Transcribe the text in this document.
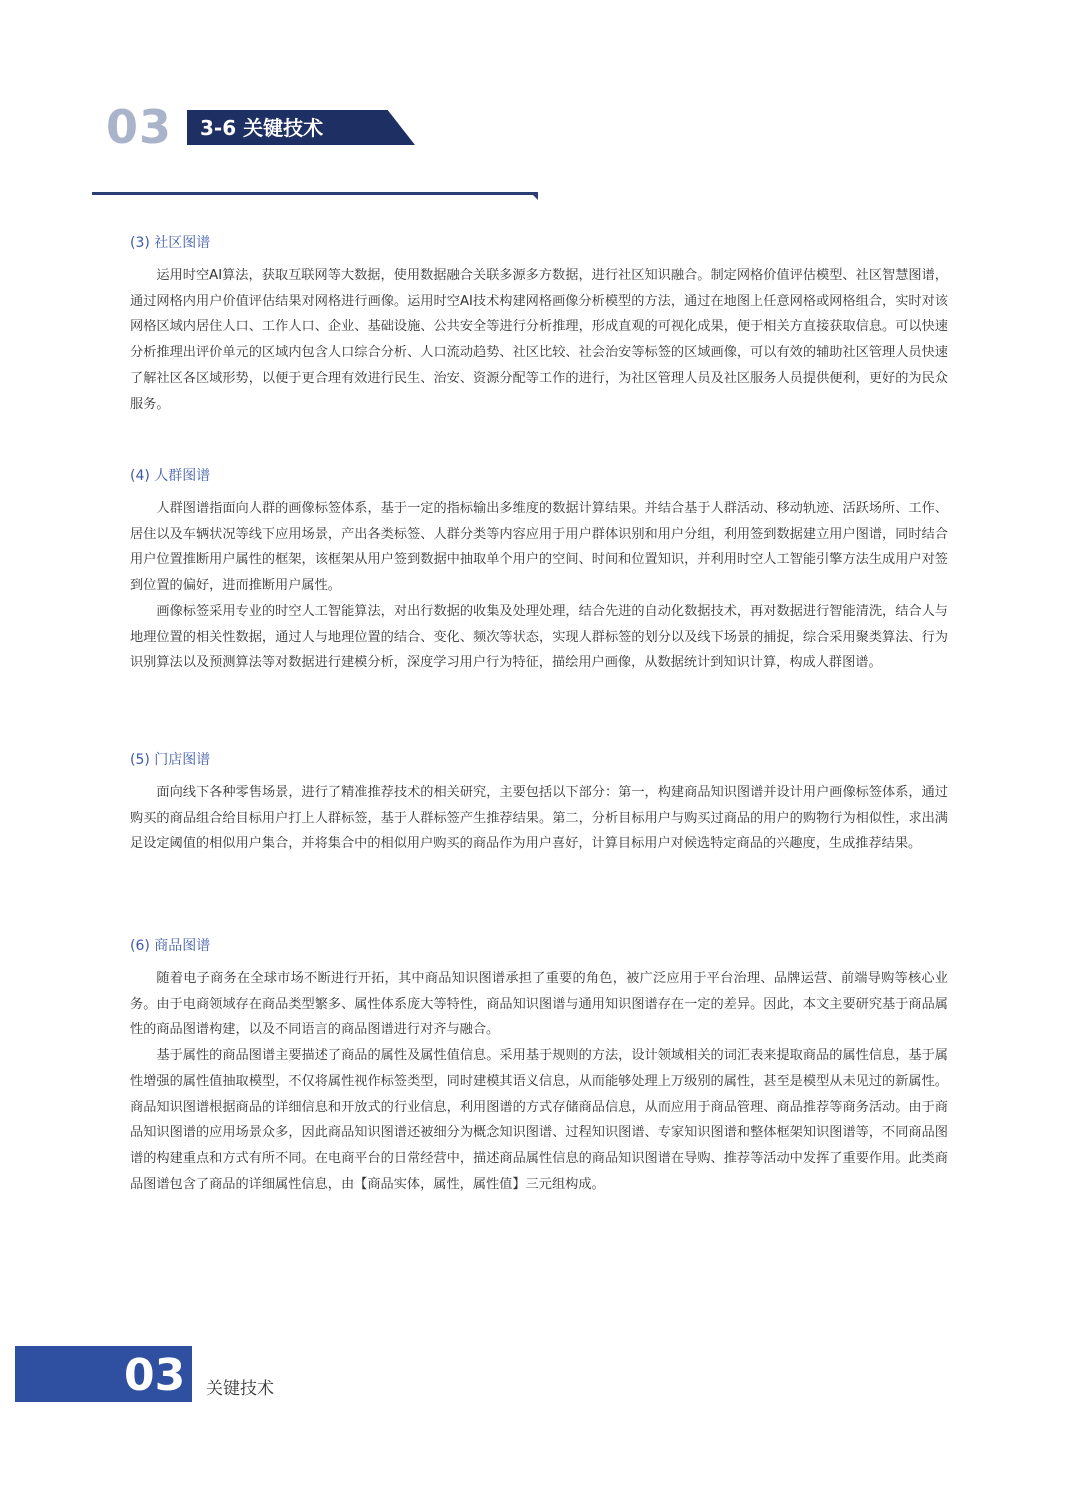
03 3-6 关键技术
(3) 社区图谱

运用时空AI算法，获取互联网等大数据，使用数据融合关联多源多方数据，进行社区知识融合。制定网格价值评估模型、社区智慧图谱，通过网格内用户价值评估结果对网格进行画像。运用时空AI技术构建网格画像分析模型的方法，通过在地图上任意网格或网格组合，实时对该网格区域内居住人口、工作人口、企业、基础设施、公共安全等进行分析推理，形成直观的可视化成果，便于相关方直接获取信息。可以快速分析推理出评价单元的区域内包含人口综合分析、人口流动趋势、社区比较、社会治安等标签的区域画像，可以有效的辅助社区管理人员快速了解社区各区域形势，以便于更合理有效进行民生、治安、资源分配等工作的进行，为社区管理人员及社区服务人员提供便利，更好的为民众服务。

(4) 人群图谱

人群图谱指面向人群的画像标签体系，基于一定的指标输出多维度的数据计算结果。并结合基于人群活动、移动轨迹、活跃场所、工作、居住以及车辆状况等线下应用场景，产出各类标签、人群分类等内容应用于用户群体识别和用户分组，利用签到数据建立用户图谱，同时结合用户位置推断用户属性的框架，该框架从用户签到数据中抽取单个用户的空间、时间和位置知识，并利用时空人工智能引擎方法生成用户对签到位置的偏好，进而推断用户属性。

画像标签采用专业的时空人工智能算法，对出行数据的收集及处理处理，结合先进的自动化数据技术，再对数据进行智能清洗，结合人与地理位置的相关性数据，通过人与地理位置的结合、变化、频次等状态，实现人群标签的划分以及线下场景的捕捉，综合采用聚类算法、行为识别算法以及预测算法等对数据进行建模分析，深度学习用户行为特征，描绘用户画像，从数据统计到知识计算，构成人群图谱。

(5) 门店图谱

面向线下各种零售场景，进行了精准推荐技术的相关研究，主要包括以下部分：第一，构建商品知识图谱并设计用户画像标签体系，通过购买的商品组合给目标用户打上人群标签，基于人群标签产生推荐结果。第二，分析目标用户与购买过商品的用户的购物行为相似性，求出满足设定阈值的相似用户集合，并将集合中的相似用户购买的商品作为用户喜好，计算目标用户对候选特定商品的兴趣度，生成推荐结果。

(6) 商品图谱

随着电子商务在全球市场不断进行开拓，其中商品知识图谱承担了重要的角色，被广泛应用于平台治理、品牌运营、前端导购等核心业务。由于电商领域存在商品类型繁多、属性体系庞大等特性，商品知识图谱与通用知识图谱存在一定的差异。因此，本文主要研究基于商品属性的商品图谱构建，以及不同语言的商品图谱进行对齐与融合。

基于属性的商品图谱主要描述了商品的属性及属性值信息。采用基于规则的方法，设计领域相关的词汇表来提取商品的属性信息，基于属性增强的属性值抽取模型，不仅将属性视作标签类型，同时建模其语义信息，从而能够处理上万级别的属性，甚至是模型从未见过的新属性。商品知识图谱根据商品的详细信息和开放式的行业信息，利用图谱的方式存储商品信息，从而应用于商品管理、商品推荐等商务活动。由于商品知识图谱的应用场景众多，因此商品知识图谱还被细分为概念知识图谱、过程知识图谱、专家知识图谱和整体框架知识图谱等，不同商品图谱的构建重点和方式有所不同。在电商平台的日常经营中，描述商品属性信息的商品知识图谱在导购、推荐等活动中发挥了重要作用。此类商品图谱包含了商品的详细属性信息，由【商品实体，属性，属性值】三元组构成。

03 关键技术
